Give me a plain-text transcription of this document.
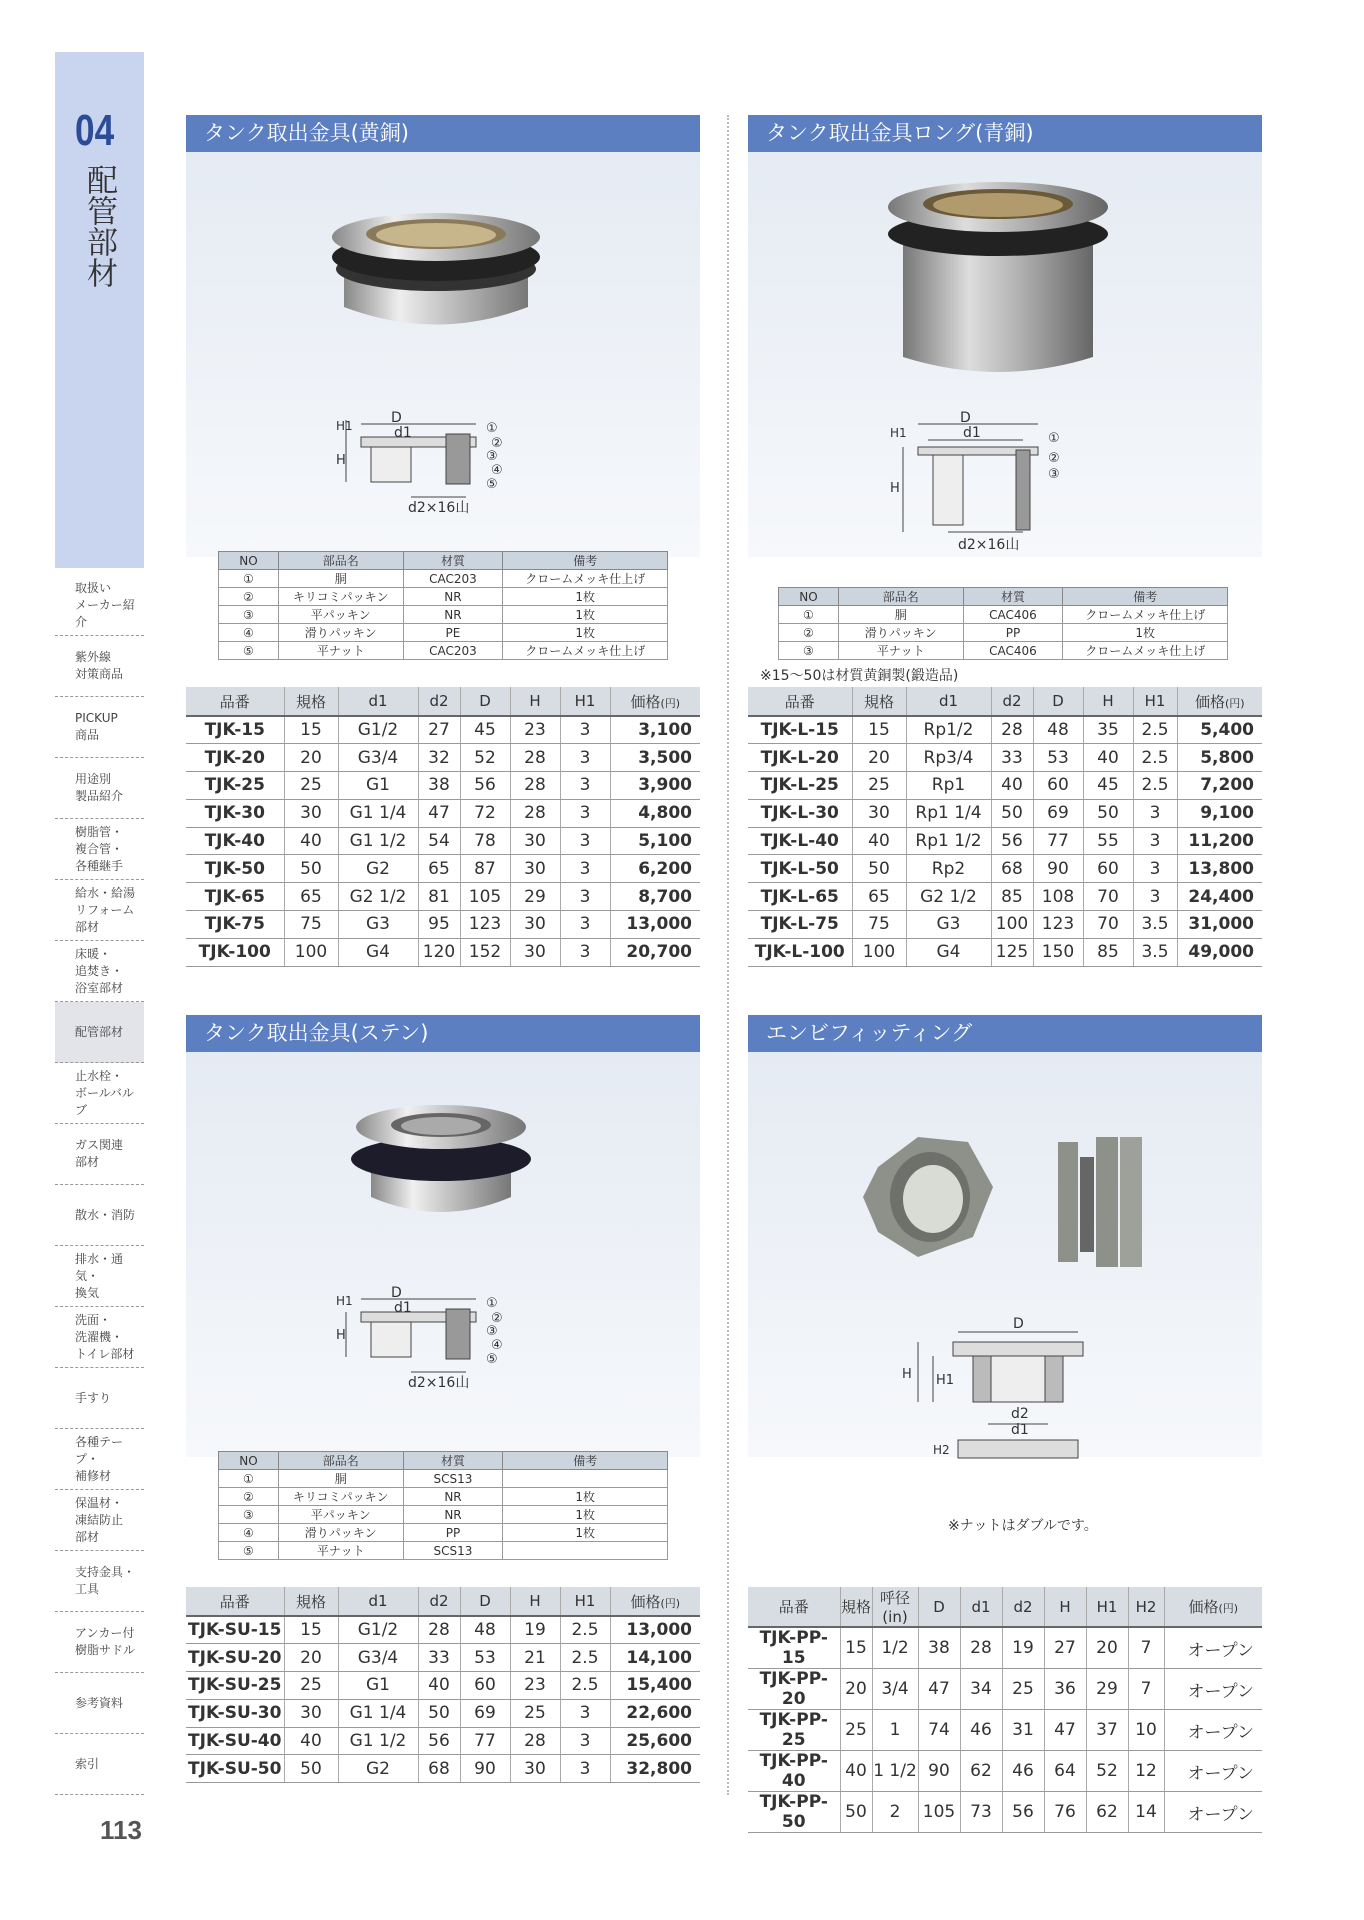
04
配管部材
取扱い
メーカー紹介
紫外線
対策商品
PICKUP
商品
用途別
製品紹介
樹脂管・
複合管・
各種継手
給水・給湯
リフォーム
部材
床暖・
追焚き・
浴室部材
配管部材
止水栓・
ボールバルブ
ガス関連
部材
散水・消防
排水・通気・
換気
洗面・
洗濯機・
トイレ部材
手すり
各種テープ・
補修材
保温材・
凍結防止
部材
支持金具・
工具
アンカー付
樹脂サドル
参考資料
索引
113
タンク取出金具(黄銅)
D
d1
H
H1
d2×16山
①
②
③
④
⑤
NO	部品名	材質	備考
①	胴	CAC203	クロームメッキ仕上げ
②	キリコミパッキン	NR	1枚
③	平パッキン	NR	1枚
④	滑りパッキン	PE	1枚
⑤	平ナット	CAC203	クロームメッキ仕上げ
品番	規格	d1	d2	D	H	H1	価格(円)
TJK-15	15	G1/2	27	45	23	3	3,100
TJK-20	20	G3/4	32	52	28	3	3,500
TJK-25	25	G1	38	56	28	3	3,900
TJK-30	30	G1 1/4	47	72	28	3	4,800
TJK-40	40	G1 1/2	54	78	30	3	5,100
TJK-50	50	G2	65	87	30	3	6,200
TJK-65	65	G2 1/2	81	105	29	3	8,700
TJK-75	75	G3	95	123	30	3	13,000
TJK-100	100	G4	120	152	30	3	20,700
タンク取出金具ロング(青銅)
D
d1
H
H1
d2×16山
①
②
③
NO	部品名	材質	備考
①	胴	CAC406	クロームメッキ仕上げ
②	滑りパッキン	PP	1枚
③	平ナット	CAC406	クロームメッキ仕上げ
※15〜50は材質黄銅製(鍛造品)
品番	規格	d1	d2	D	H	H1	価格(円)
TJK-L-15	15	Rp1/2	28	48	35	2.5	5,400
TJK-L-20	20	Rp3/4	33	53	40	2.5	5,800
TJK-L-25	25	Rp1	40	60	45	2.5	7,200
TJK-L-30	30	Rp1 1/4	50	69	50	3	9,100
TJK-L-40	40	Rp1 1/2	56	77	55	3	11,200
TJK-L-50	50	Rp2	68	90	60	3	13,800
TJK-L-65	65	G2 1/2	85	108	70	3	24,400
TJK-L-75	75	G3	100	123	70	3.5	31,000
TJK-L-100	100	G4	125	150	85	3.5	49,000
タンク取出金具(ステン)
D
d1
H
H1
d2×16山
①
②
③
④
⑤
NO	部品名	材質	備考
①	胴	SCS13	
②	キリコミパッキン	NR	1枚
③	平パッキン	NR	1枚
④	滑りパッキン	PP	1枚
⑤	平ナット	SCS13	
品番	規格	d1	d2	D	H	H1	価格(円)
TJK-SU-15	15	G1/2	28	48	19	2.5	13,000
TJK-SU-20	20	G3/4	33	53	21	2.5	14,100
TJK-SU-25	25	G1	40	60	23	2.5	15,400
TJK-SU-30	30	G1 1/4	50	69	25	3	22,600
TJK-SU-40	40	G1 1/2	56	77	28	3	25,600
TJK-SU-50	50	G2	68	90	30	3	32,800
エンビフィッティング
D
d2
d1
H H1
H2
※ナットはダブルです。
品番	規格	呼径(in)	D	d1	d2	H	H1	H2	価格(円)
TJK-PP-15	15	1/2	38	28	19	27	20	7	オープン
TJK-PP-20	20	3/4	47	34	25	36	29	7	オープン
TJK-PP-25	25	1	74	46	31	47	37	10	オープン
TJK-PP-40	40	1 1/2	90	62	46	64	52	12	オープン
TJK-PP-50	50	2	105	73	56	76	62	14	オープン
